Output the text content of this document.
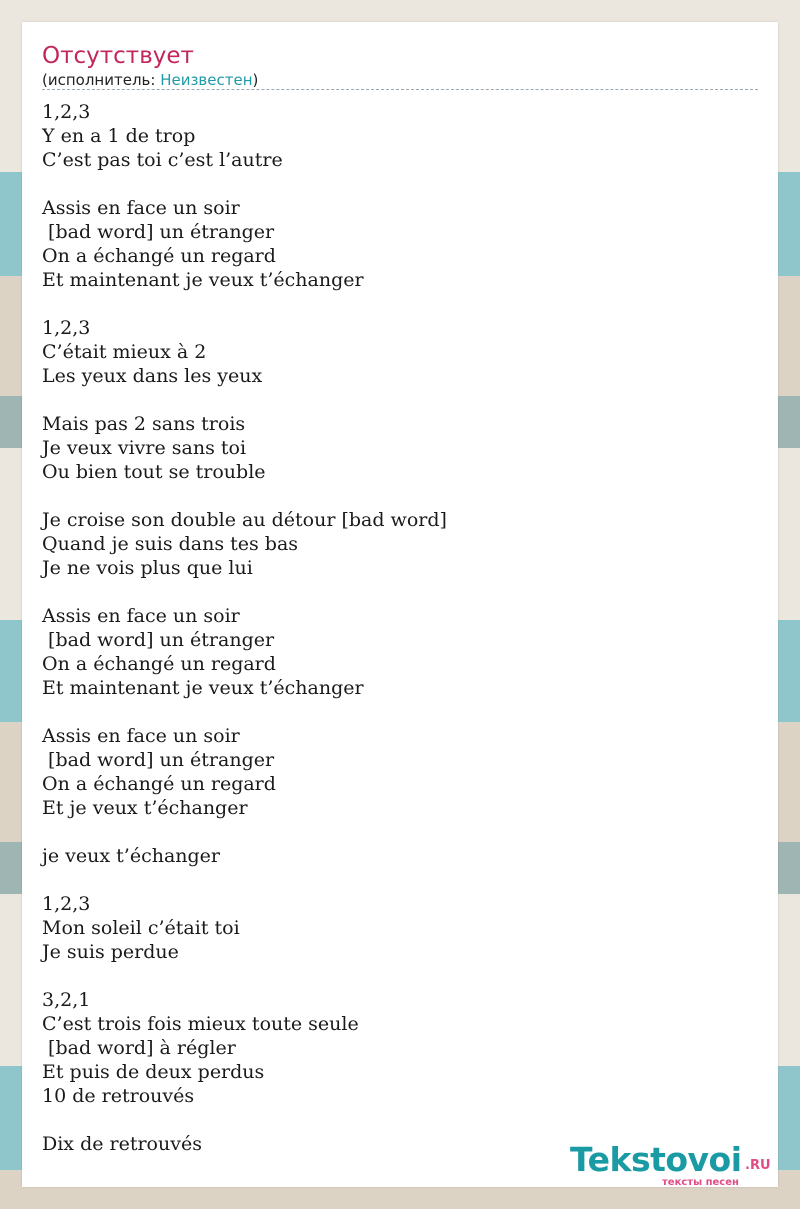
Отсутствует
(исполнитель: Неизвестен)
1,2,3
Y en a 1 de trop
C’est pas toi c’est l’autre
Assis en face un soir
[bad word] un étranger
On a échangé un regard
Et maintenant je veux t’échanger
1,2,3
C’était mieux à 2
Les yeux dans les yeux
Mais pas 2 sans trois
Je veux vivre sans toi
Ou bien tout se trouble
Je croise son double au détour [bad word]
Quand je suis dans tes bas
Je ne vois plus que lui
Assis en face un soir
[bad word] un étranger
On a échangé un regard
Et maintenant je veux t’échanger
Assis en face un soir
[bad word] un étranger
On a échangé un regard
Et je veux t’échanger
je veux t’échanger
1,2,3
Mon soleil c’était toi
Je suis perdue
3,2,1
C’est trois fois mieux toute seule
[bad word] à régler
Et puis de deux perdus
10 de retrouvés
Dix de retrouvés	Tekstovoi .RU
тексты песен
